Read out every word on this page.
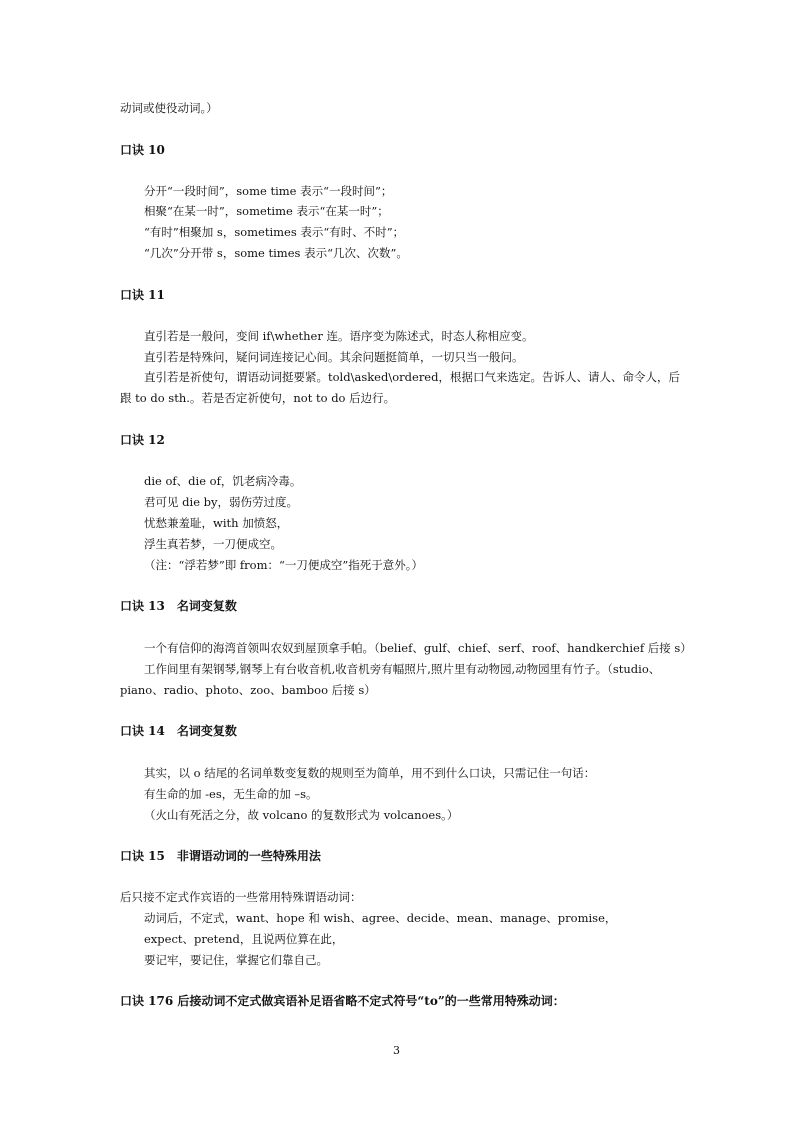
动词或使役动词。）
口诀 10
分开“一段时间”，some time 表示“一段时间”；
相聚“在某一时”，sometime 表示“在某一时”；
“有时”相聚加 s，sometimes 表示“有时、不时”；
“几次”分开带 s，some times 表示“几次、次数”。
口诀 11
直引若是一般问，变间 if\whether 连。语序变为陈述式，时态人称相应变。
直引若是特殊问，疑问词连接记心间。其余问题挺简单，一切只当一般问。
直引若是祈使句，谓语动词挺要紧。told\asked\ordered，根据口气来选定。告诉人、请人、命令人，后
跟 to do sth.。若是否定祈使句，not to do 后边行。
口诀 12
die of、die of，饥老病冷毒。
君可见 die by，弱伤劳过度。
忧愁兼羞耻，with 加愤怒，
浮生真若梦，一刀便成空。
（注：“浮若梦”即 from：“一刀便成空”指死于意外。）
口诀 13　名词变复数
一个有信仰的海湾首领叫农奴到屋顶拿手帕。（belief、gulf、chief、serf、roof、handkerchief 后接 s）
工作间里有架钢琴,钢琴上有台收音机,收音机旁有幅照片,照片里有动物园,动物园里有竹子。（studio、
piano、radio、photo、zoo、bamboo 后接 s）
口诀 14　名词变复数
其实，以 o 结尾的名词单数变复数的规则至为简单，用不到什么口诀，只需记住一句话：
有生命的加 -es，无生命的加 –s。
（火山有死活之分，故 volcano 的复数形式为 volcanoes。）
口诀 15　非谓语动词的一些特殊用法
后只接不定式作宾语的一些常用特殊谓语动词：
动词后，不定式，want、hope 和 wish、agree、decide、mean、manage、promise，
expect、pretend，且说两位算在此，
要记牢，要记住，掌握它们靠自己。
口诀 176 后接动词不定式做宾语补足语省略不定式符号“to”的一些常用特殊动词：
3
